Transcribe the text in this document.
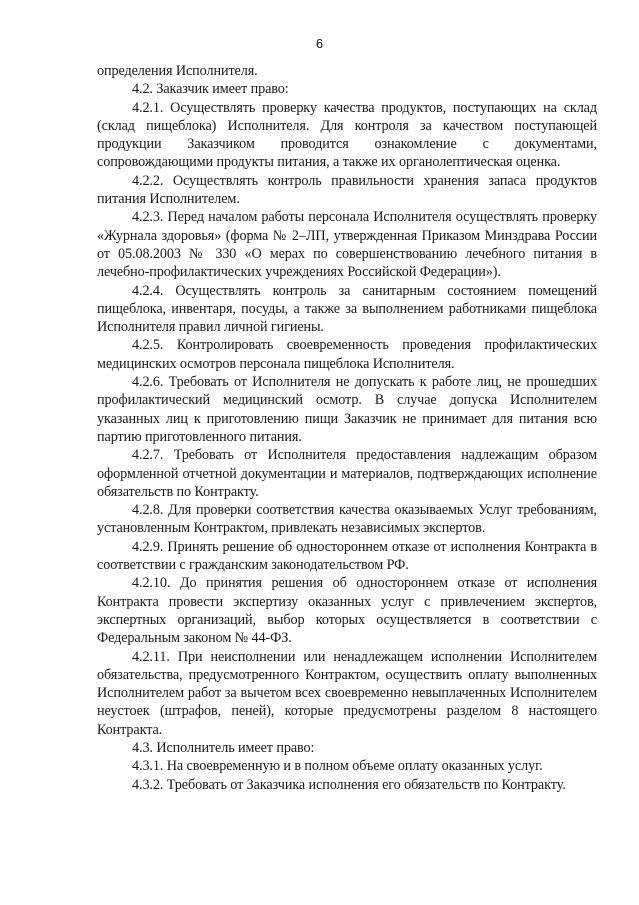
6

определения Исполнителя.

4.2. Заказчик имеет право:

4.2.1. Осуществлять проверку качества продуктов, поступающих на склад (склад пищеблока) Исполнителя. Для контроля за качеством поступающей продукции Заказчиком проводится ознакомление с документами, сопровождающими продукты питания, а также их органолептическая оценка.

4.2.2. Осуществлять контроль правильности хранения запаса продуктов питания Исполнителем.

4.2.3. Перед началом работы персонала Исполнителя осуществлять проверку «Журнала здоровья» (форма № 2–ЛП, утвержденная Приказом Минздрава России от 05.08.2003 № 330 «О мерах по совершенствованию лечебного питания в лечебно-профилактических учреждениях Российской Федерации»).

4.2.4. Осуществлять контроль за санитарным состоянием помещений пищеблока, инвентаря, посуды, а также за выполнением работниками пищеблока Исполнителя правил личной гигиены.

4.2.5. Контролировать своевременность проведения профилактических медицинских осмотров персонала пищеблока Исполнителя.

4.2.6. Требовать от Исполнителя не допускать к работе лиц, не прошедших профилактический медицинский осмотр. В случае допуска Исполнителем указанных лиц к приготовлению пищи Заказчик не принимает для питания всю партию приготовленного питания.

4.2.7. Требовать от Исполнителя предоставления надлежащим образом оформленной отчетной документации и материалов, подтверждающих исполнение обязательств по Контракту.

4.2.8. Для проверки соответствия качества оказываемых Услуг требованиям, установленным Контрактом, привлекать независимых экспертов.

4.2.9. Принять решение об одностороннем отказе от исполнения Контракта в соответствии с гражданским законодательством РФ.

4.2.10. До принятия решения об одностороннем отказе от исполнения Контракта провести экспертизу оказанных услуг с привлечением экспертов, экспертных организаций, выбор которых осуществляется в соответствии с Федеральным законом № 44-ФЗ.

4.2.11. При неисполнении или ненадлежащем исполнении Исполнителем обязательства, предусмотренного Контрактом, осуществить оплату выполненных Исполнителем работ за вычетом всех своевременно невыплаченных Исполнителем неустоек (штрафов, пеней), которые предусмотрены разделом 8 настоящего Контракта.

4.3. Исполнитель имеет право:

4.3.1. На своевременную и в полном объеме оплату оказанных услуг.

4.3.2. Требовать от Заказчика исполнения его обязательств по Контракту.
